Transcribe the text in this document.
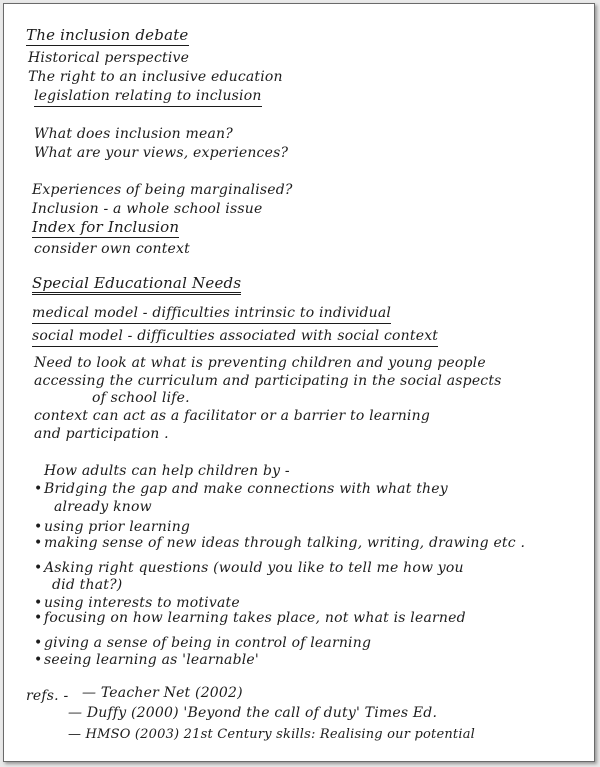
The inclusion debate
Historical perspective
The right to an inclusive education
legislation relating to inclusion
What does inclusion mean?
What are your views, experiences?
Experiences of being marginalised?
Inclusion - a whole school issue
Index for Inclusion
consider own context
Special Educational Needs
medical model - difficulties intrinsic to individual
social model - difficulties associated with social context
Need to look at what is preventing children and young people
accessing the curriculum and participating in the social aspects
of school life.
context can act as a facilitator or a barrier to learning
and participation .
How adults can help children by -
• Bridging the gap and make connections with what they
already know
• using prior learning
• making sense of new ideas through talking, writing, drawing etc .
• Asking right questions (would you like to tell me how you
did that?)
• using interests to motivate
• focusing on how learning takes place, not what is learned
• giving a sense of being in control of learning
• seeing learning as 'learnable'
refs. - — Teacher Net (2002)
— Duffy (2000) 'Beyond the call of duty' Times Ed.
— HMSO (2003) 21st Century skills: Realising our potential
